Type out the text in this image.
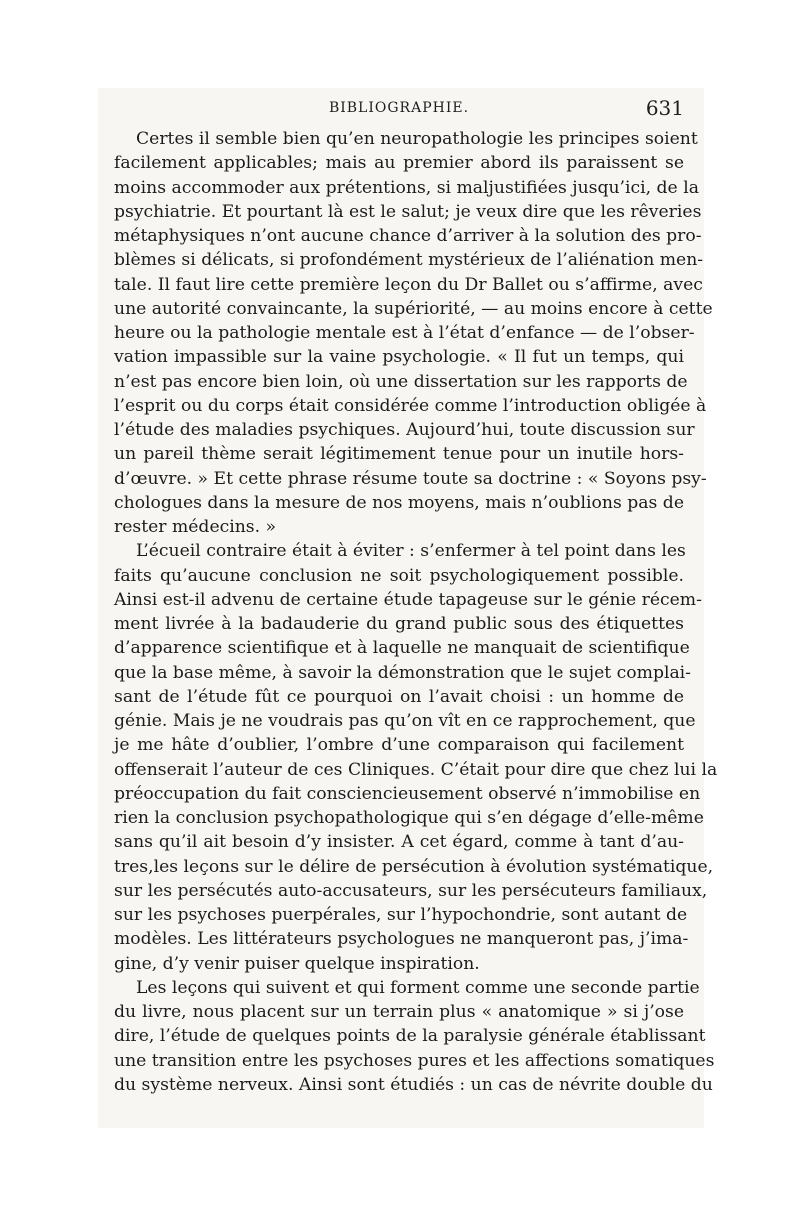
BIBLIOGRAPHIE.	631
Certes il semble bien qu’en neuropathologie les principes soient
facilement applicables; mais au premier abord ils paraissent se
moins accommoder aux prétentions, si maljustifiées jusqu’ici, de la
psychiatrie. Et pourtant là est le salut; je veux dire que les rêveries
métaphysiques n’ont aucune chance d’arriver à la solution des pro-
blèmes si délicats, si profondément mystérieux de l’aliénation men-
tale. Il faut lire cette première leçon du Dr Ballet ou s’affirme, avec
une autorité convaincante, la supériorité, — au moins encore à cette
heure ou la pathologie mentale est à l’état d’enfance — de l’obser-
vation impassible sur la vaine psychologie. « Il fut un temps, qui
n’est pas encore bien loin, où une dissertation sur les rapports de
l’esprit ou du corps était considérée comme l’introduction obligée à
l’étude des maladies psychiques. Aujourd’hui, toute discussion sur
un pareil thème serait légitimement tenue pour un inutile hors-
d’œuvre. » Et cette phrase résume toute sa doctrine : « Soyons psy-
chologues dans la mesure de nos moyens, mais n’oublions pas de
rester médecins. »
L’écueil contraire était à éviter : s’enfermer à tel point dans les
faits qu’aucune conclusion ne soit psychologiquement possible.
Ainsi est-il advenu de certaine étude tapageuse sur le génie récem-
ment livrée à la badauderie du grand public sous des étiquettes
d’apparence scientifique et à laquelle ne manquait de scientifique
que la base même, à savoir la démonstration que le sujet complai-
sant de l’étude fût ce pourquoi on l’avait choisi : un homme de
génie. Mais je ne voudrais pas qu’on vît en ce rapprochement, que
je me hâte d’oublier, l’ombre d’une comparaison qui facilement
offenserait l’auteur de ces Cliniques. C’était pour dire que chez lui la
préoccupation du fait consciencieusement observé n’immobilise en
rien la conclusion psychopathologique qui s’en dégage d’elle-même
sans qu’il ait besoin d’y insister. A cet égard, comme à tant d’au-
tres,les leçons sur le délire de persécution à évolution systématique,
sur les persécutés auto-accusateurs, sur les persécuteurs familiaux,
sur les psychoses puerpérales, sur l’hypochondrie, sont autant de
modèles. Les littérateurs psychologues ne manqueront pas, j’ima-
gine, d’y venir puiser quelque inspiration.
Les leçons qui suivent et qui forment comme une seconde partie
du livre, nous placent sur un terrain plus « anatomique » si j’ose
dire, l’étude de quelques points de la paralysie générale établissant
une transition entre les psychoses pures et les affections somatiques
du système nerveux. Ainsi sont étudiés : un cas de névrite double du
